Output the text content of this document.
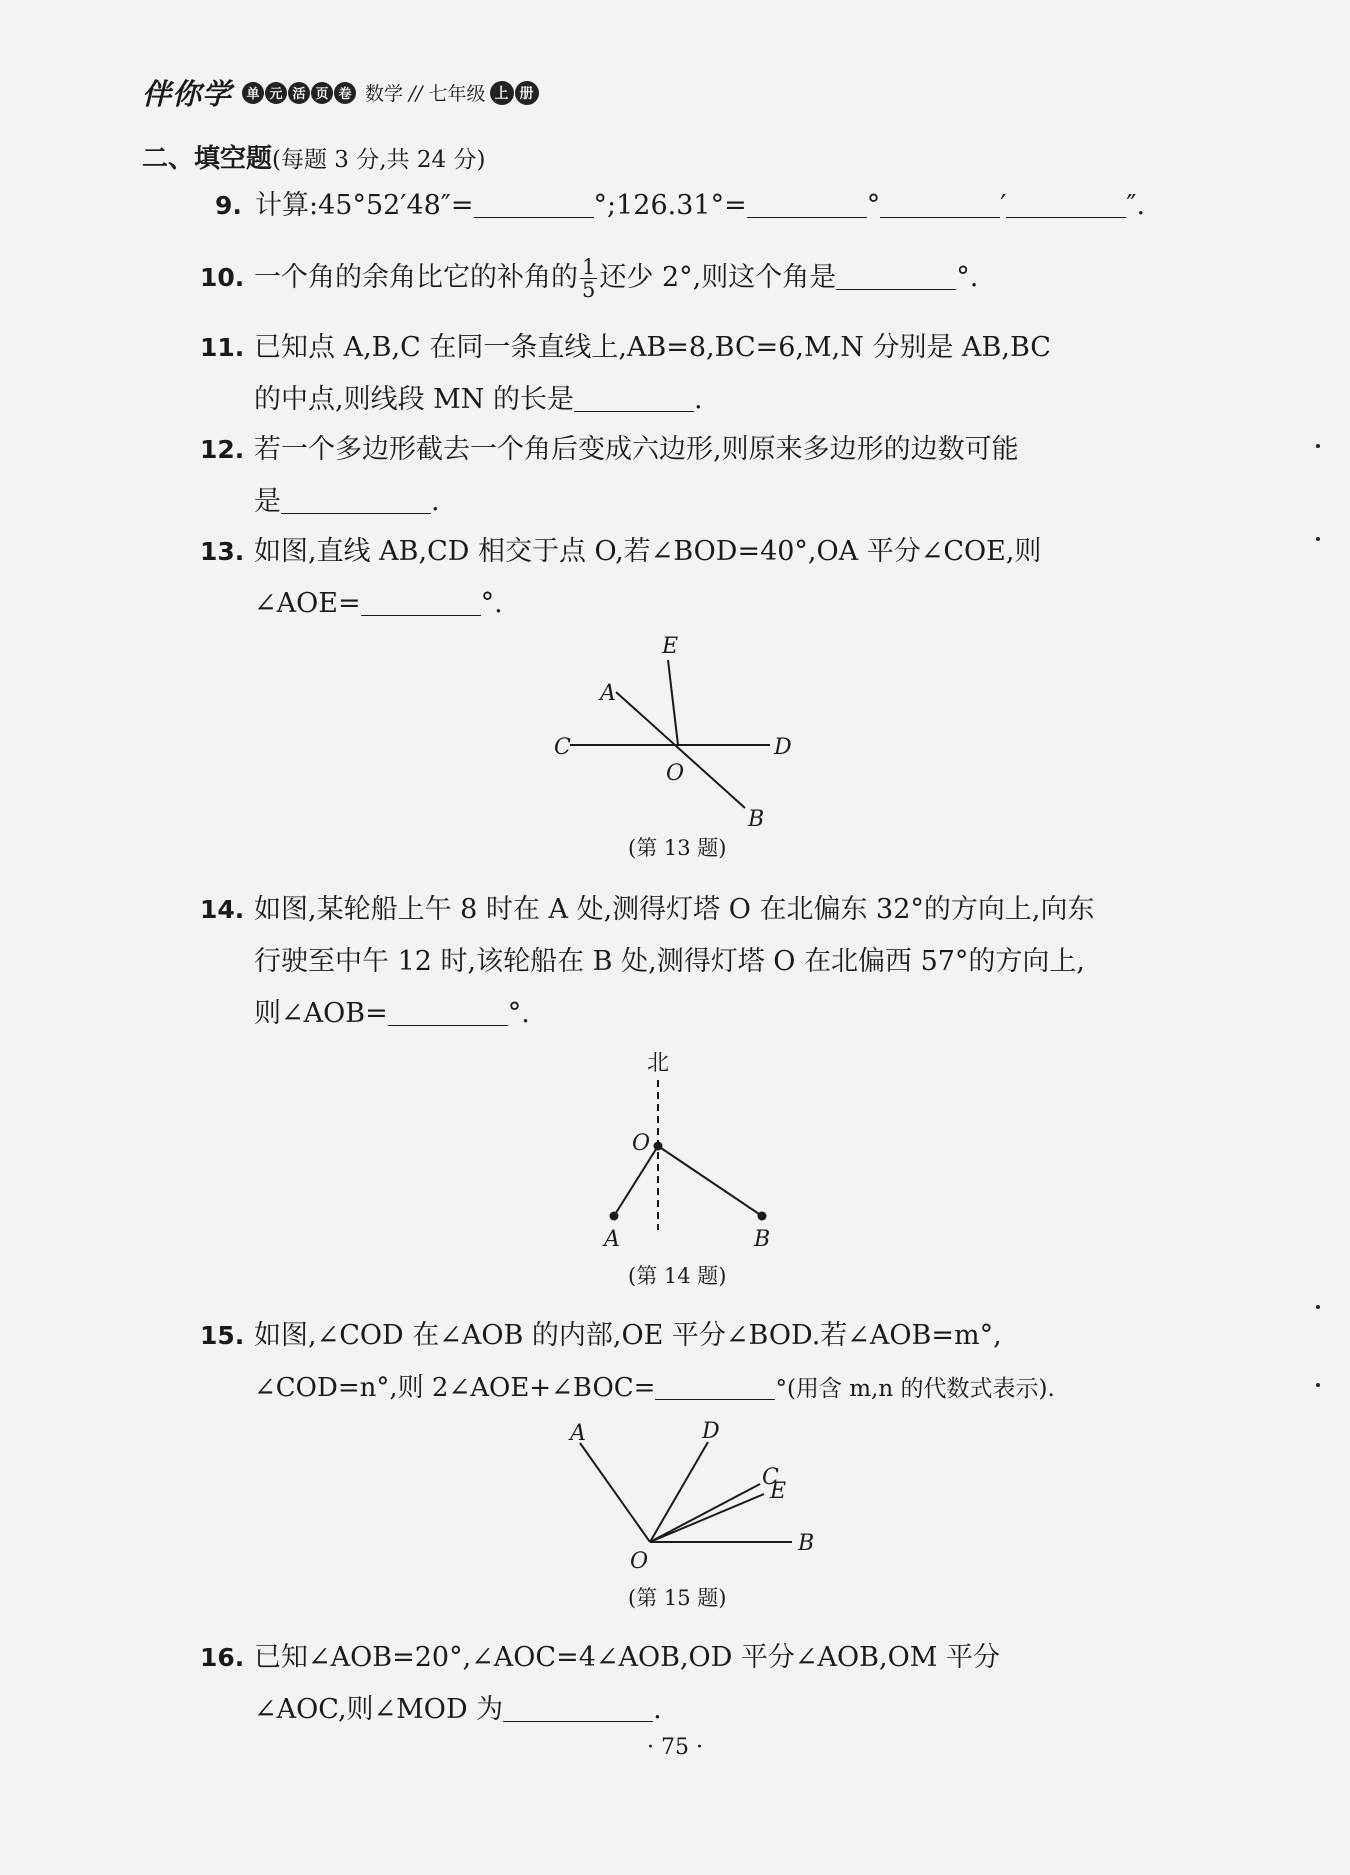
伴你学	单 元 活 页 卷 数学 // 七年级 上 册
二、填空题(每题 3 分,共 24 分)
9. 计算:45°52′48″=	°;126.31°=	°	′	″.
10. 一个角的余角比它的补角的 $\frac{1}{5}$ 还少 2°,则这个角是	°.
11. 已知点 A,B,C 在同一条直线上,AB=8,BC=6,M,N 分别是 AB,BC
的中点,则线段 MN 的长是	.
12. 若一个多边形截去一个角后变成六边形,则原来多边形的边数可能
是	.
13. 如图,直线 AB,CD 相交于点 O,若∠BOD=40°,OA 平分∠COE,则
∠AOE=	°.
E
A
C	D
O
B
(第 13 题)
14. 如图,某轮船上午 8 时在 A 处,测得灯塔 O 在北偏东 32°的方向上,向东
行驶至中午 12 时,该轮船在 B 处,测得灯塔 O 在北偏西 57°的方向上,
则∠AOB=	°.
北
O
A	B
(第 14 题)
15. 如图,∠COD 在∠AOB 的内部,OE 平分∠BOD.若∠AOB=m°,
∠COD=n°,则 2∠AOE+∠BOC=	°(用含 m,n 的代数式表示).
A	D
C
E
O
B
(第 15 题)
16. 已知∠AOB=20°,∠AOC=4∠AOB,OD 平分∠AOB,OM 平分
∠AOC,则∠MOD 为	.
· 75 ·
